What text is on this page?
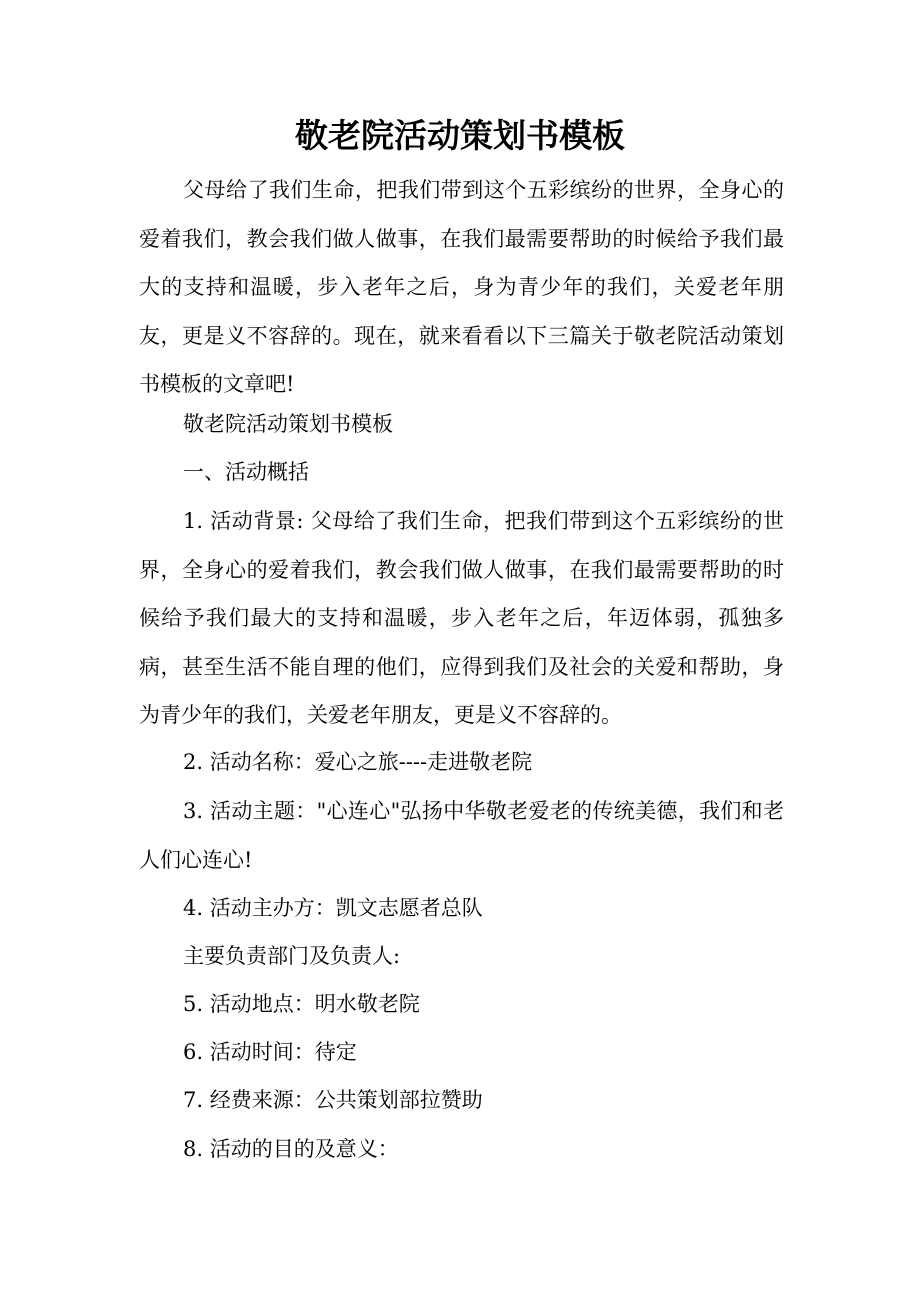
敬老院活动策划书模板

父母给了我们生命，把我们带到这个五彩缤纷的世界，全身心的爱着我们，教会我们做人做事，在我们最需要帮助的时候给予我们最大的支持和温暖，步入老年之后，身为青少年的我们，关爱老年朋友，更是义不容辞的。现在，就来看看以下三篇关于敬老院活动策划书模板的文章吧!

敬老院活动策划书模板

一、活动概括

1. 活动背景: 父母给了我们生命，把我们带到这个五彩缤纷的世界，全身心的爱着我们，教会我们做人做事，在我们最需要帮助的时候给予我们最大的支持和温暖，步入老年之后，年迈体弱，孤独多病，甚至生活不能自理的他们，应得到我们及社会的关爱和帮助，身为青少年的我们，关爱老年朋友，更是义不容辞的。

2. 活动名称：爱心之旅----走进敬老院

3. 活动主题："心连心"弘扬中华敬老爱老的传统美德，我们和老人们心连心!

4. 活动主办方：凯文志愿者总队

主要负责部门及负责人:

5. 活动地点：明水敬老院

6. 活动时间：待定

7. 经费来源：公共策划部拉赞助

8. 活动的目的及意义：
